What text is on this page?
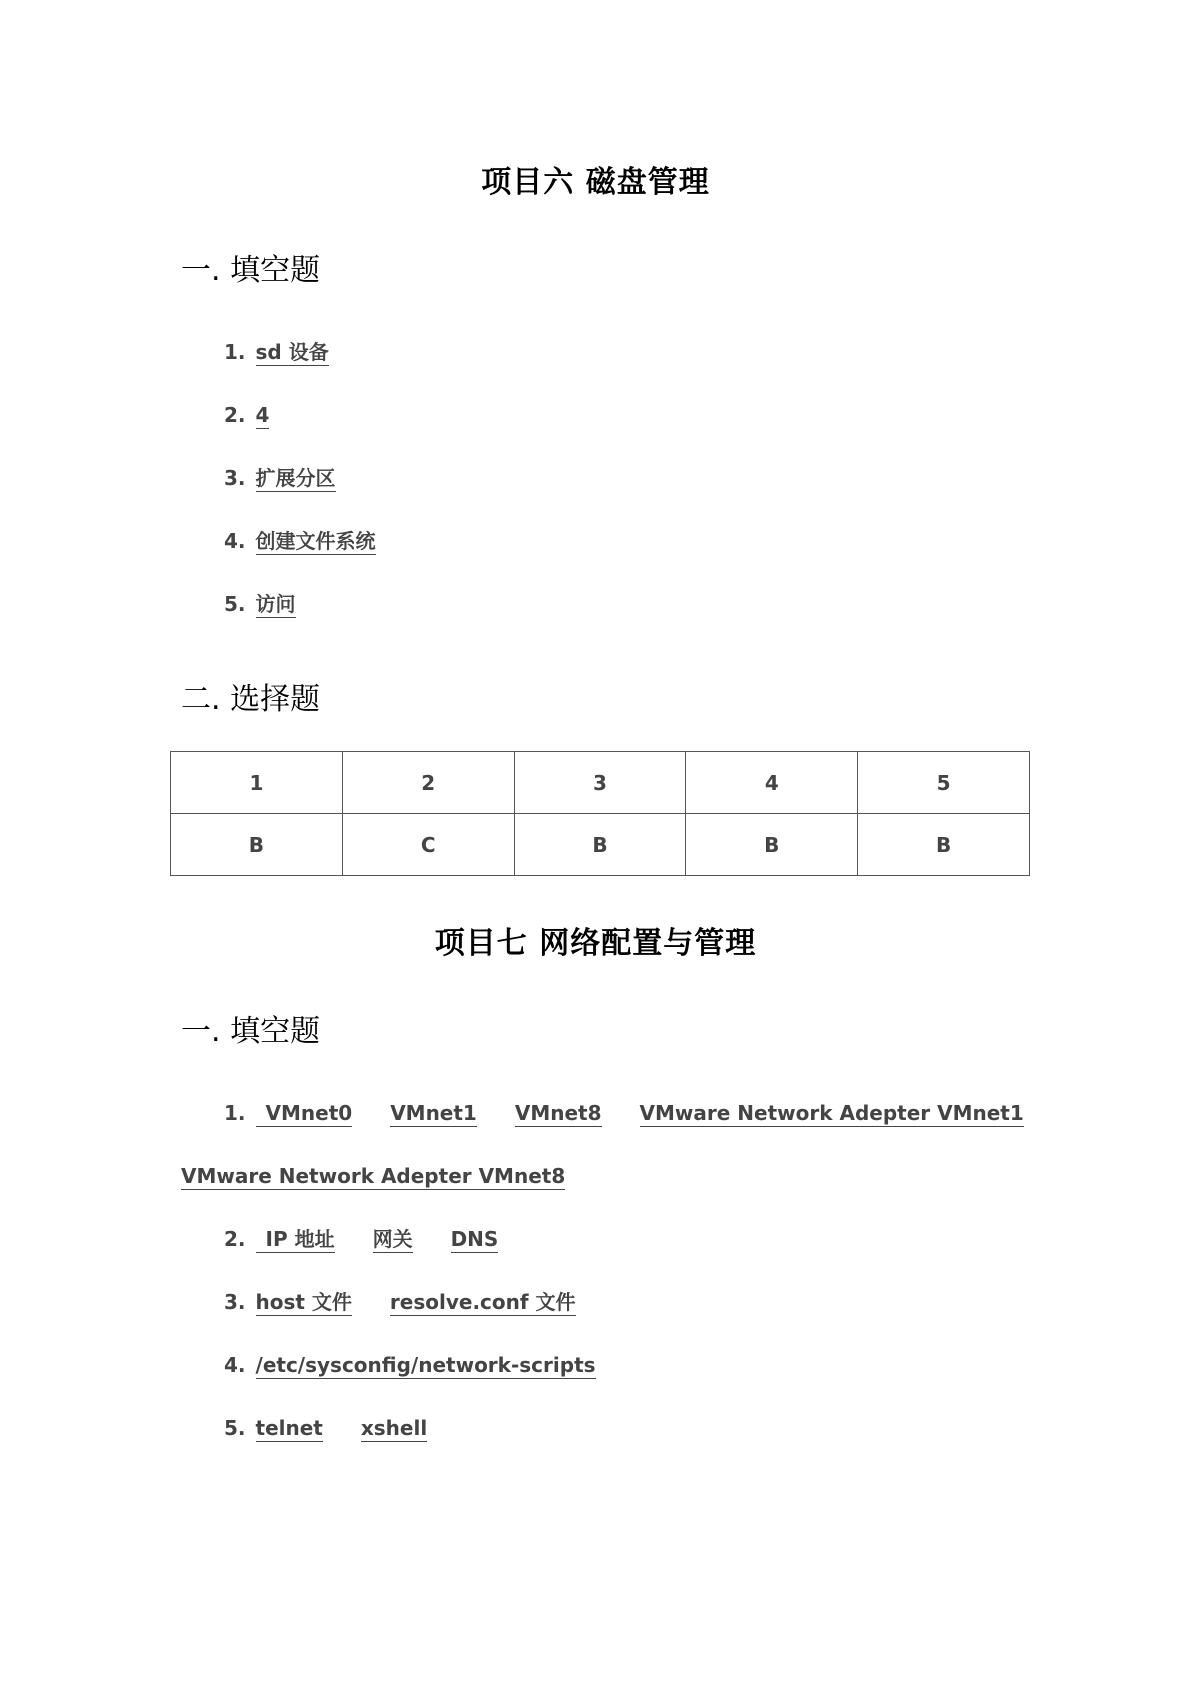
项目六 磁盘管理
一. 填空题
1. sd 设备
2. 4
3. 扩展分区
4. 创建文件系统
5. 访问
二. 选择题
1	2	3	4	5
B	C	B	B	B
项目七 网络配置与管理
一. 填空题
1. VMnet0 VMnet1 VMnet8 VMware Network Adepter VMnet1
VMware Network Adepter VMnet8
2. IP 地址 网关 DNS
3. host 文件 resolve.conf 文件
4. /etc/sysconfig/network-scripts
5. telnet xshell
